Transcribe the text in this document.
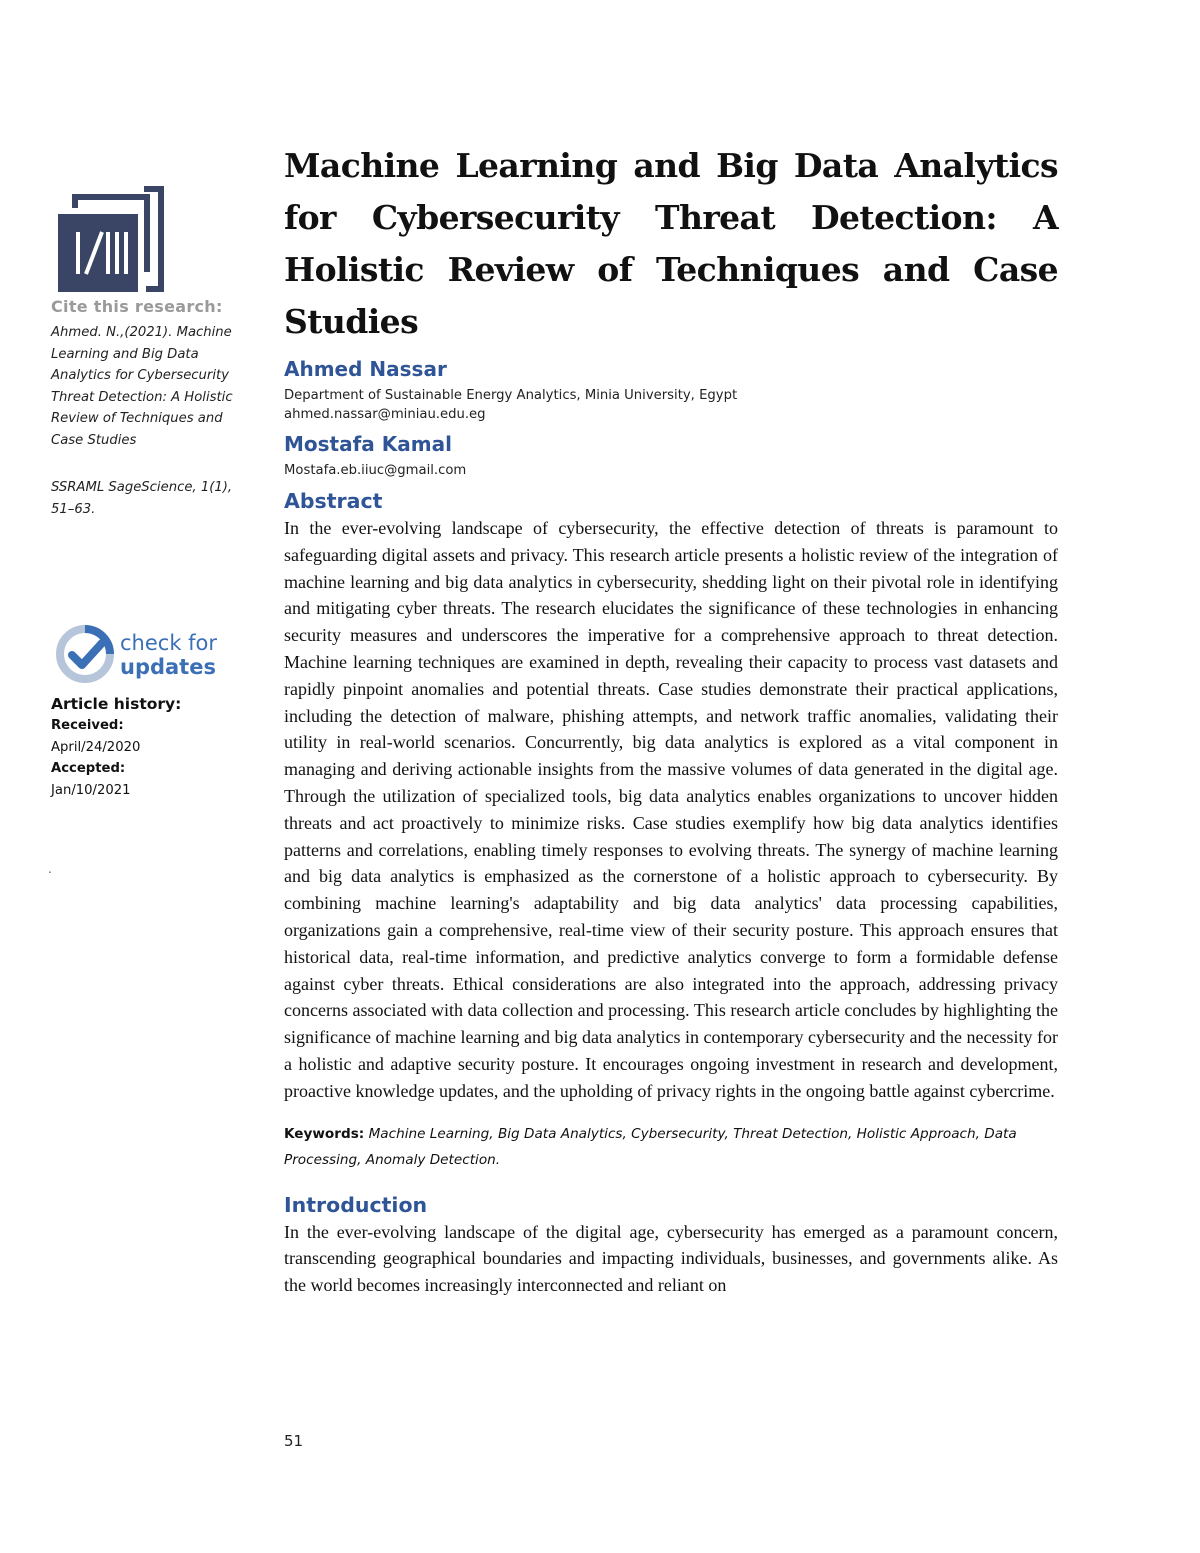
Cite this research:

Ahmed. N.,(2021). Machine Learning and Big Data Analytics for Cybersecurity Threat Detection: A Holistic Review of Techniques and Case Studies

SSRAML SageScience, 1(1), 51–63.

check for
updates
Article history:
Received:
April/24/2020
Accepted:
Jan/10/2021
.
Machine Learning and Big Data Analytics for Cybersecurity Threat Detection: A Holistic Review of Techniques and Case Studies

Ahmed Nassar

Department of Sustainable Energy Analytics, Minia University, Egypt

ahmed.nassar@miniau.edu.eg

Mostafa Kamal

Mostafa.eb.iiuc@gmail.com

Abstract

In the ever-evolving landscape of cybersecurity, the effective detection of threats is paramount to safeguarding digital assets and privacy. This research article presents a holistic review of the integration of machine learning and big data analytics in cybersecurity, shedding light on their pivotal role in identifying and mitigating cyber threats. The research elucidates the significance of these technologies in enhancing security measures and underscores the imperative for a comprehensive approach to threat detection. Machine learning techniques are examined in depth, revealing their capacity to process vast datasets and rapidly pinpoint anomalies and potential threats. Case studies demonstrate their practical applications, including the detection of malware, phishing attempts, and network traffic anomalies, validating their utility in real-world scenarios. Concurrently, big data analytics is explored as a vital component in managing and deriving actionable insights from the massive volumes of data generated in the digital age. Through the utilization of specialized tools, big data analytics enables organizations to uncover hidden threats and act proactively to minimize risks. Case studies exemplify how big data analytics identifies patterns and correlations, enabling timely responses to evolving threats. The synergy of machine learning and big data analytics is emphasized as the cornerstone of a holistic approach to cybersecurity. By combining machine learning's adaptability and big data analytics' data processing capabilities, organizations gain a comprehensive, real-time view of their security posture. This approach ensures that historical data, real-time information, and predictive analytics converge to form a formidable defense against cyber threats. Ethical considerations are also integrated into the approach, addressing privacy concerns associated with data collection and processing. This research article concludes by highlighting the significance of machine learning and big data analytics in contemporary cybersecurity and the necessity for a holistic and adaptive security posture. It encourages ongoing investment in research and development, proactive knowledge updates, and the upholding of privacy rights in the ongoing battle against cybercrime.

Keywords: Machine Learning, Big Data Analytics, Cybersecurity, Threat Detection, Holistic Approach, Data Processing, Anomaly Detection.

Introduction

In the ever-evolving landscape of the digital age, cybersecurity has emerged as a paramount concern, transcending geographical boundaries and impacting individuals, businesses, and governments alike. As the world becomes increasingly interconnected and reliant on

51
